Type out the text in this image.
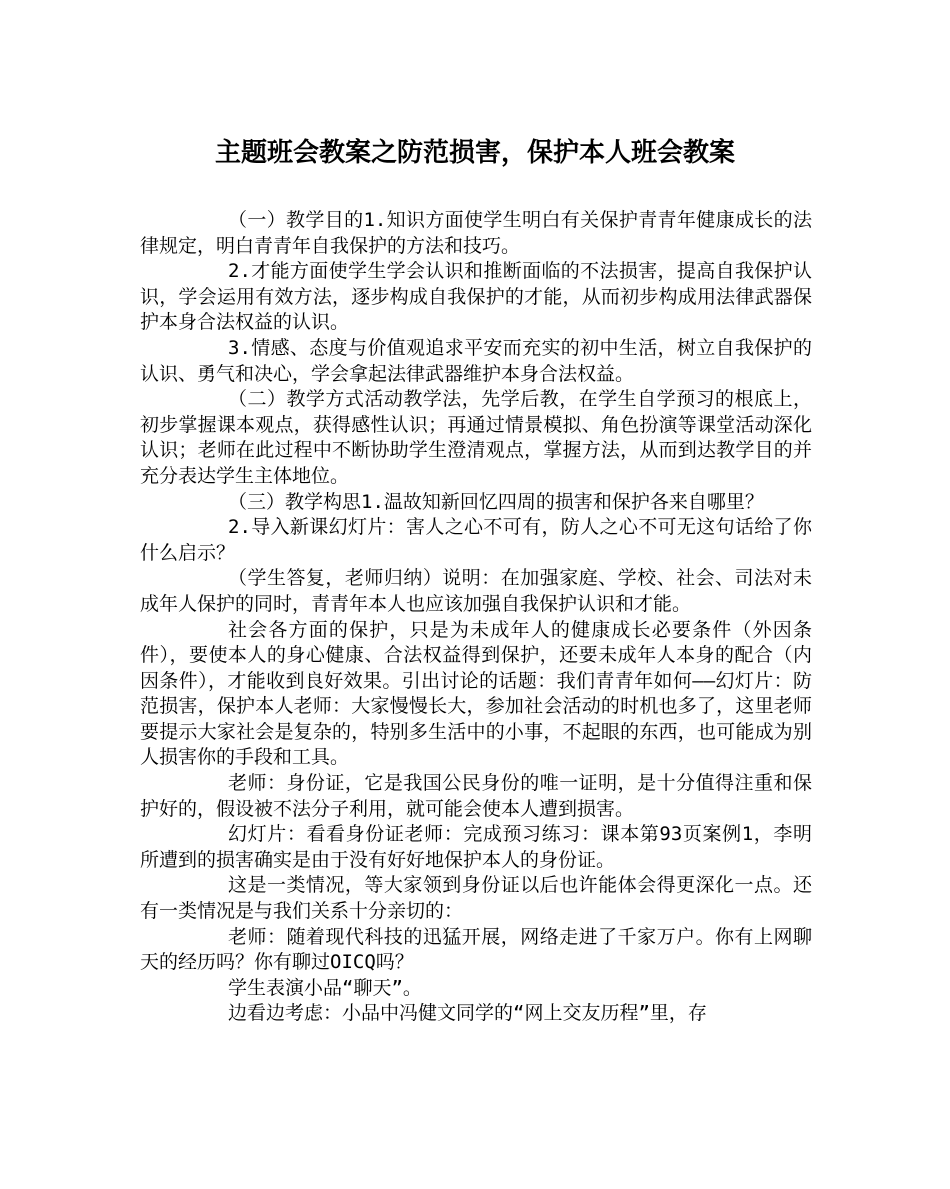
主题班会教案之防范损害，保护本人班会教案

（一）教学目的1.知识方面使学生明白有关保护青青年健康成长的法律规定，明白青青年自我保护的方法和技巧。

2.才能方面使学生学会认识和推断面临的不法损害，提高自我保护认识，学会运用有效方法，逐步构成自我保护的才能，从而初步构成用法律武器保护本身合法权益的认识。

3.情感、态度与价值观追求平安而充实的初中生活，树立自我保护的认识、勇气和决心，学会拿起法律武器维护本身合法权益。

（二）教学方式活动教学法，先学后教，在学生自学预习的根底上，初步掌握课本观点，获得感性认识；再通过情景模拟、角色扮演等课堂活动深化认识；老师在此过程中不断协助学生澄清观点，掌握方法，从而到达教学目的并充分表达学生主体地位。

（三）教学构思1.温故知新回忆四周的损害和保护各来自哪里？

2.导入新课幻灯片：害人之心不可有，防人之心不可无这句话给了你什么启示？

（学生答复，老师归纳）说明：在加强家庭、学校、社会、司法对未成年人保护的同时，青青年本人也应该加强自我保护认识和才能。

社会各方面的保护，只是为未成年人的健康成长必要条件（外因条件），要使本人的身心健康、合法权益得到保护，还要未成年人本身的配合（内因条件），才能收到良好效果。引出讨论的话题：我们青青年如何——幻灯片：防范损害，保护本人老师：大家慢慢长大，参加社会活动的时机也多了，这里老师要提示大家社会是复杂的，特别多生活中的小事，不起眼的东西，也可能成为别人损害你的手段和工具。

老师：身份证，它是我国公民身份的唯一证明，是十分值得注重和保护好的，假设被不法分子利用，就可能会使本人遭到损害。

幻灯片：看看身份证老师：完成预习练习：课本第93页案例1，李明所遭到的损害确实是由于没有好好地保护本人的身份证。

这是一类情况，等大家领到身份证以后也许能体会得更深化一点。还有一类情况是与我们关系十分亲切的：

老师：随着现代科技的迅猛开展，网络走进了千家万户。你有上网聊天的经历吗？你有聊过OICQ吗？

学生表演小品“聊天”。

边看边考虑：小品中冯健文同学的“网上交友历程”里，存
